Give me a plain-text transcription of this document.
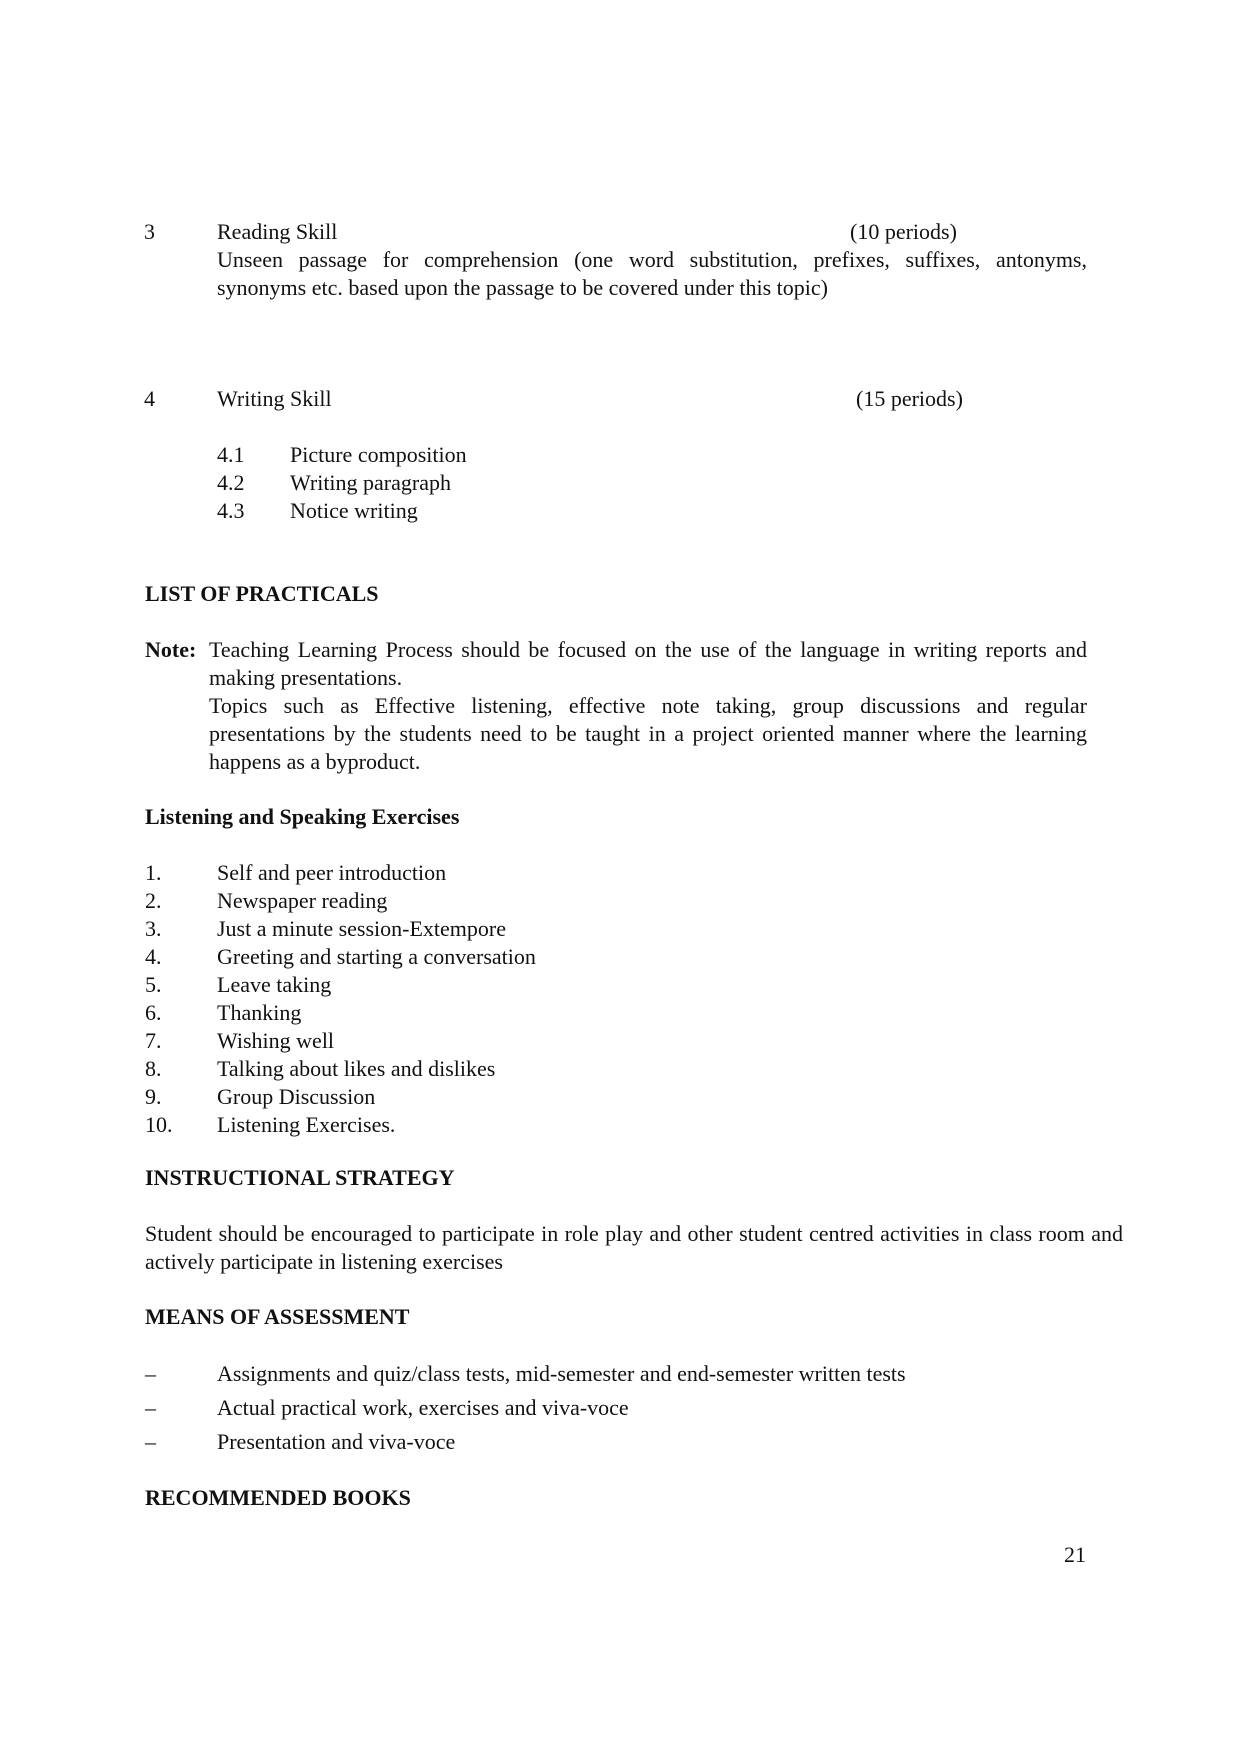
3	Reading Skill	(10 periods)
Unseen passage for comprehension (one word substitution, prefixes, suffixes, antonyms, synonyms etc. based upon the passage to be covered under this topic)
4	Writing Skill	(15 periods)
4.1 Picture composition
4.2 Writing paragraph
4.3 Notice writing
LIST OF PRACTICALS
Note: Teaching Learning Process should be focused on the use of the language in writing reports and making presentations.
Topics such as Effective listening, effective note taking, group discussions and regular presentations by the students need to be taught in a project oriented manner where the learning happens as a byproduct.
Listening and Speaking Exercises
1.	Self and peer introduction
2.	Newspaper reading
3.	Just a minute session-Extempore
4.	Greeting and starting a conversation
5.	Leave taking
6.	Thanking
7.	Wishing well
8.	Talking about likes and dislikes
9.	Group Discussion
10. Listening Exercises.
INSTRUCTIONAL STRATEGY
Student should be encouraged to participate in role play and other student centred activities in class room and actively participate in listening exercises
MEANS OF ASSESSMENT
–	Assignments and quiz/class tests, mid-semester and end-semester written tests
–	Actual practical work, exercises and viva-voce
–	Presentation and viva-voce
RECOMMENDED BOOKS
21
